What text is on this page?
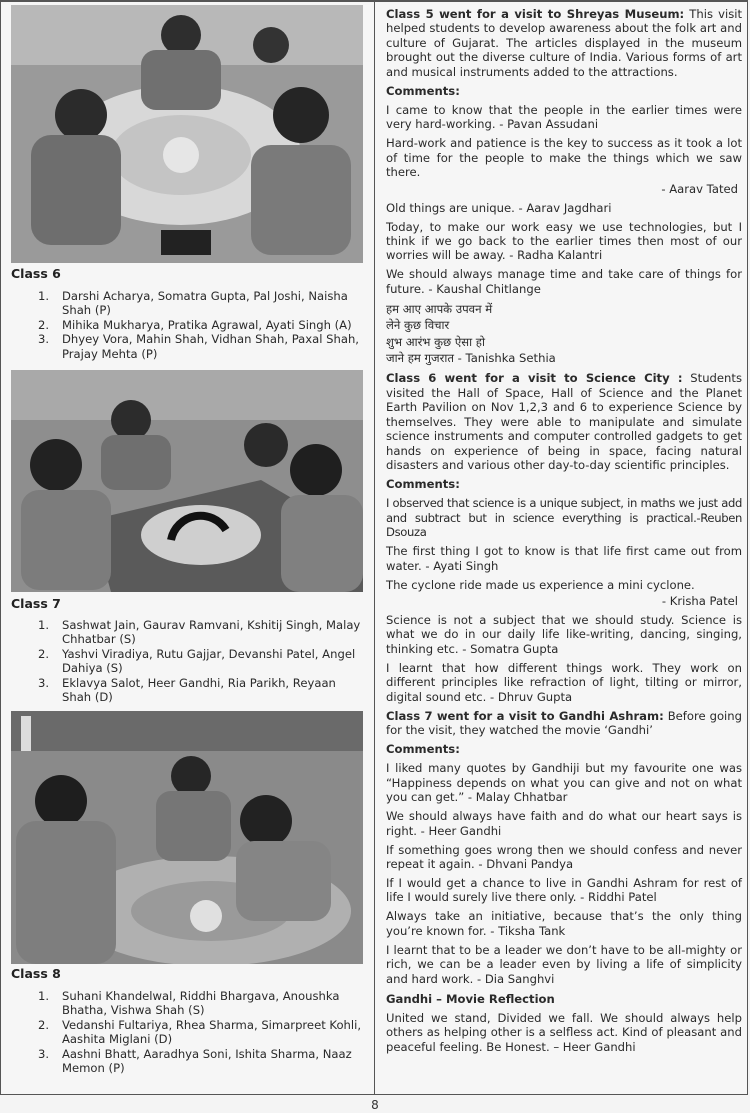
Class 6
1. Darshi Acharya, Somatra Gupta, Pal Joshi, Naisha Shah (P)
2. Mihika Mukharya, Pratika Agrawal, Ayati Singh (A)
3. Dhyey Vora, Mahin Shah, Vidhan Shah, Paxal Shah, Prajay Mehta (P)
Class 7
1. Sashwat Jain, Gaurav Ramvani, Kshitij Singh, Malay Chhatbar (S)
2. Yashvi Viradiya, Rutu Gajjar, Devanshi Patel, Angel Dahiya (S)
3. Eklavya Salot, Heer Gandhi, Ria Parikh, Reyaan Shah (D)
Class 8
1. Suhani Khandelwal, Riddhi Bhargava, Anoushka Bhatha, Vishwa Shah (S)
2. Vedanshi Fultariya, Rhea Sharma, Simarpreet Kohli, Aashita Miglani (D)
3. Aashni Bhatt, Aaradhya Soni, Ishita Sharma, Naaz Memon (P)

Class 5 went for a visit to Shreyas Museum: This visit helped students to develop awareness about the folk art and culture of Gujarat. The articles displayed in the museum brought out the diverse culture of India. Various forms of art and musical instruments added to the attractions.

Comments:

I came to know that the people in the earlier times were very hard-working. - Pavan Assudani

Hard-work and patience is the key to success as it took a lot of time for the people to make the things which we saw there.

- Aarav Tated

Old things are unique. - Aarav Jagdhari

Today, to make our work easy we use technologies, but I think if we go back to the earlier times then most of our worries will be away. - Radha Kalantri

We should always manage time and take care of things for future. - Kaushal Chitlange

हम आए आपके उपवन में
लेने कुछ विचार
शुभ आरंभ कुछ ऐसा हो
जाने हम गुजरात - Tanishka Sethia

Class 6 went for a visit to Science City : Students visited the Hall of Space, Hall of Science and the Planet Earth Pavilion on Nov 1,2,3 and 6 to experience Science by themselves. They were able to manipulate and simulate science instruments and computer controlled gadgets to get hands on experience of being in space, facing natural disasters and various other day-to-day scientific principles.

Comments:

I observed that science is a unique subject, in maths we just add and subtract but in science everything is practical.-Reuben Dsouza

The first thing I got to know is that life first came out from water. - Ayati Singh

The cyclone ride made us experience a mini cyclone.

- Krisha Patel

Science is not a subject that we should study. Science is what we do in our daily life like-writing, dancing, singing, thinking etc. - Somatra Gupta

I learnt that how different things work. They work on different principles like refraction of light, tilting or mirror, digital sound etc. - Dhruv Gupta

Class 7 went for a visit to Gandhi Ashram: Before going for the visit, they watched the movie ‘Gandhi’

Comments:

I liked many quotes by Gandhiji but my favourite one was “Happiness depends on what you can give and not on what you can get.” - Malay Chhatbar

We should always have faith and do what our heart says is right. - Heer Gandhi

If something goes wrong then we should confess and never repeat it again. - Dhvani Pandya

If I would get a chance to live in Gandhi Ashram for rest of life I would surely live there only. - Riddhi Patel

Always take an initiative, because that’s the only thing you’re known for. - Tiksha Tank

I learnt that to be a leader we don’t have to be all-mighty or rich, we can be a leader even by living a life of simplicity and hard work. - Dia Sanghvi

Gandhi – Movie Reflection

United we stand, Divided we fall. We should always help others as helping other is a selfless act. Kind of pleasant and peaceful feeling. Be Honest. – Heer Gandhi

8
